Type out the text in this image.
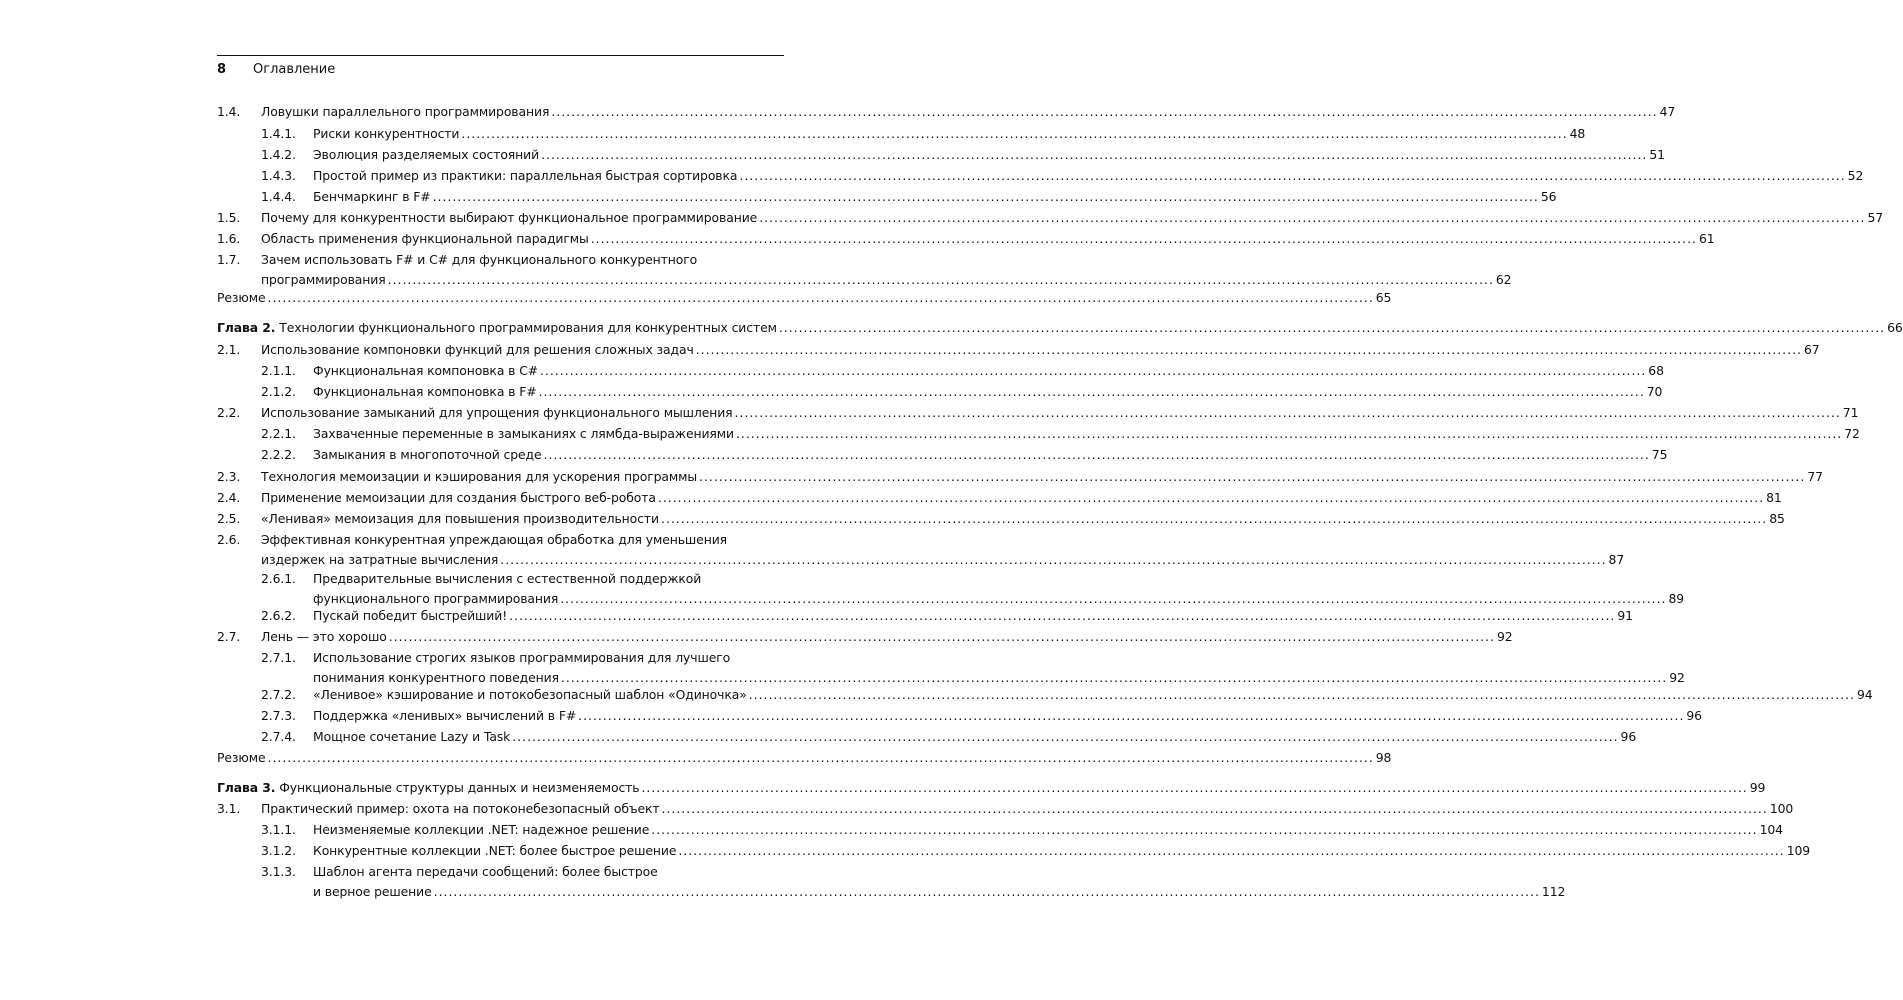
8 Оглавление
1.4. Ловушки параллельного программирования .....	47
1.4.1. Риски конкурентности .....	48
1.4.2. Эволюция разделяемых состояний .....	51
1.4.3. Простой пример из практики: параллельная быстрая сортировка .....	52
1.4.4. Бенчмаркинг в F# .....	56
1.5. Почему для конкурентности выбирают функциональное программирование .....	57
1.6. Область применения функциональной парадигмы .....	61
1.7. Зачем использовать F# и C# для функционального конкурентного
программирования .....	62
Резюме .....	65
Глава 2. Технологии функционального программирования для конкурентных систем .....	66
2.1. Использование компоновки функций для решения сложных задач .....	67
2.1.1. Функциональная компоновка в C# .....	68
2.1.2. Функциональная компоновка в F# .....	70
2.2. Использование замыканий для упрощения функционального мышления .....	71
2.2.1. Захваченные переменные в замыканиях с лямбда-выражениями .....	72
2.2.2. Замыкания в многопоточной среде .....	75
2.3. Технология мемоизации и кэширования для ускорения программы .....	77
2.4. Применение мемоизации для создания быстрого веб-робота .....	81
2.5. «Ленивая» мемоизация для повышения производительности .....	85
2.6. Эффективная конкурентная упреждающая обработка для уменьшения
издержек на затратные вычисления .....	87
2.6.1. Предварительные вычисления с естественной поддержкой
функционального программирования .....	89
2.6.2. Пускай победит быстрейший! .....	91
2.7. Лень — это хорошо .....	92
2.7.1. Использование строгих языков программирования для лучшего
понимания конкурентного поведения .....	92
2.7.2. «Ленивое» кэширование и потокобезопасный шаблон «Одиночка» .....	94
2.7.3. Поддержка «ленивых» вычислений в F# .....	96
2.7.4. Мощное сочетание Lazy и Task .....	96
Резюме .....	98
Глава 3. Функциональные структуры данных и неизменяемость .....	99
3.1. Практический пример: охота на потоконебезопасный объект .....	100
3.1.1. Неизменяемые коллекции .NET: надежное решение .....	104
3.1.2. Конкурентные коллекции .NET: более быстрое решение .....	109
3.1.3. Шаблон агента передачи сообщений: более быстрое
и верное решение .....	112
